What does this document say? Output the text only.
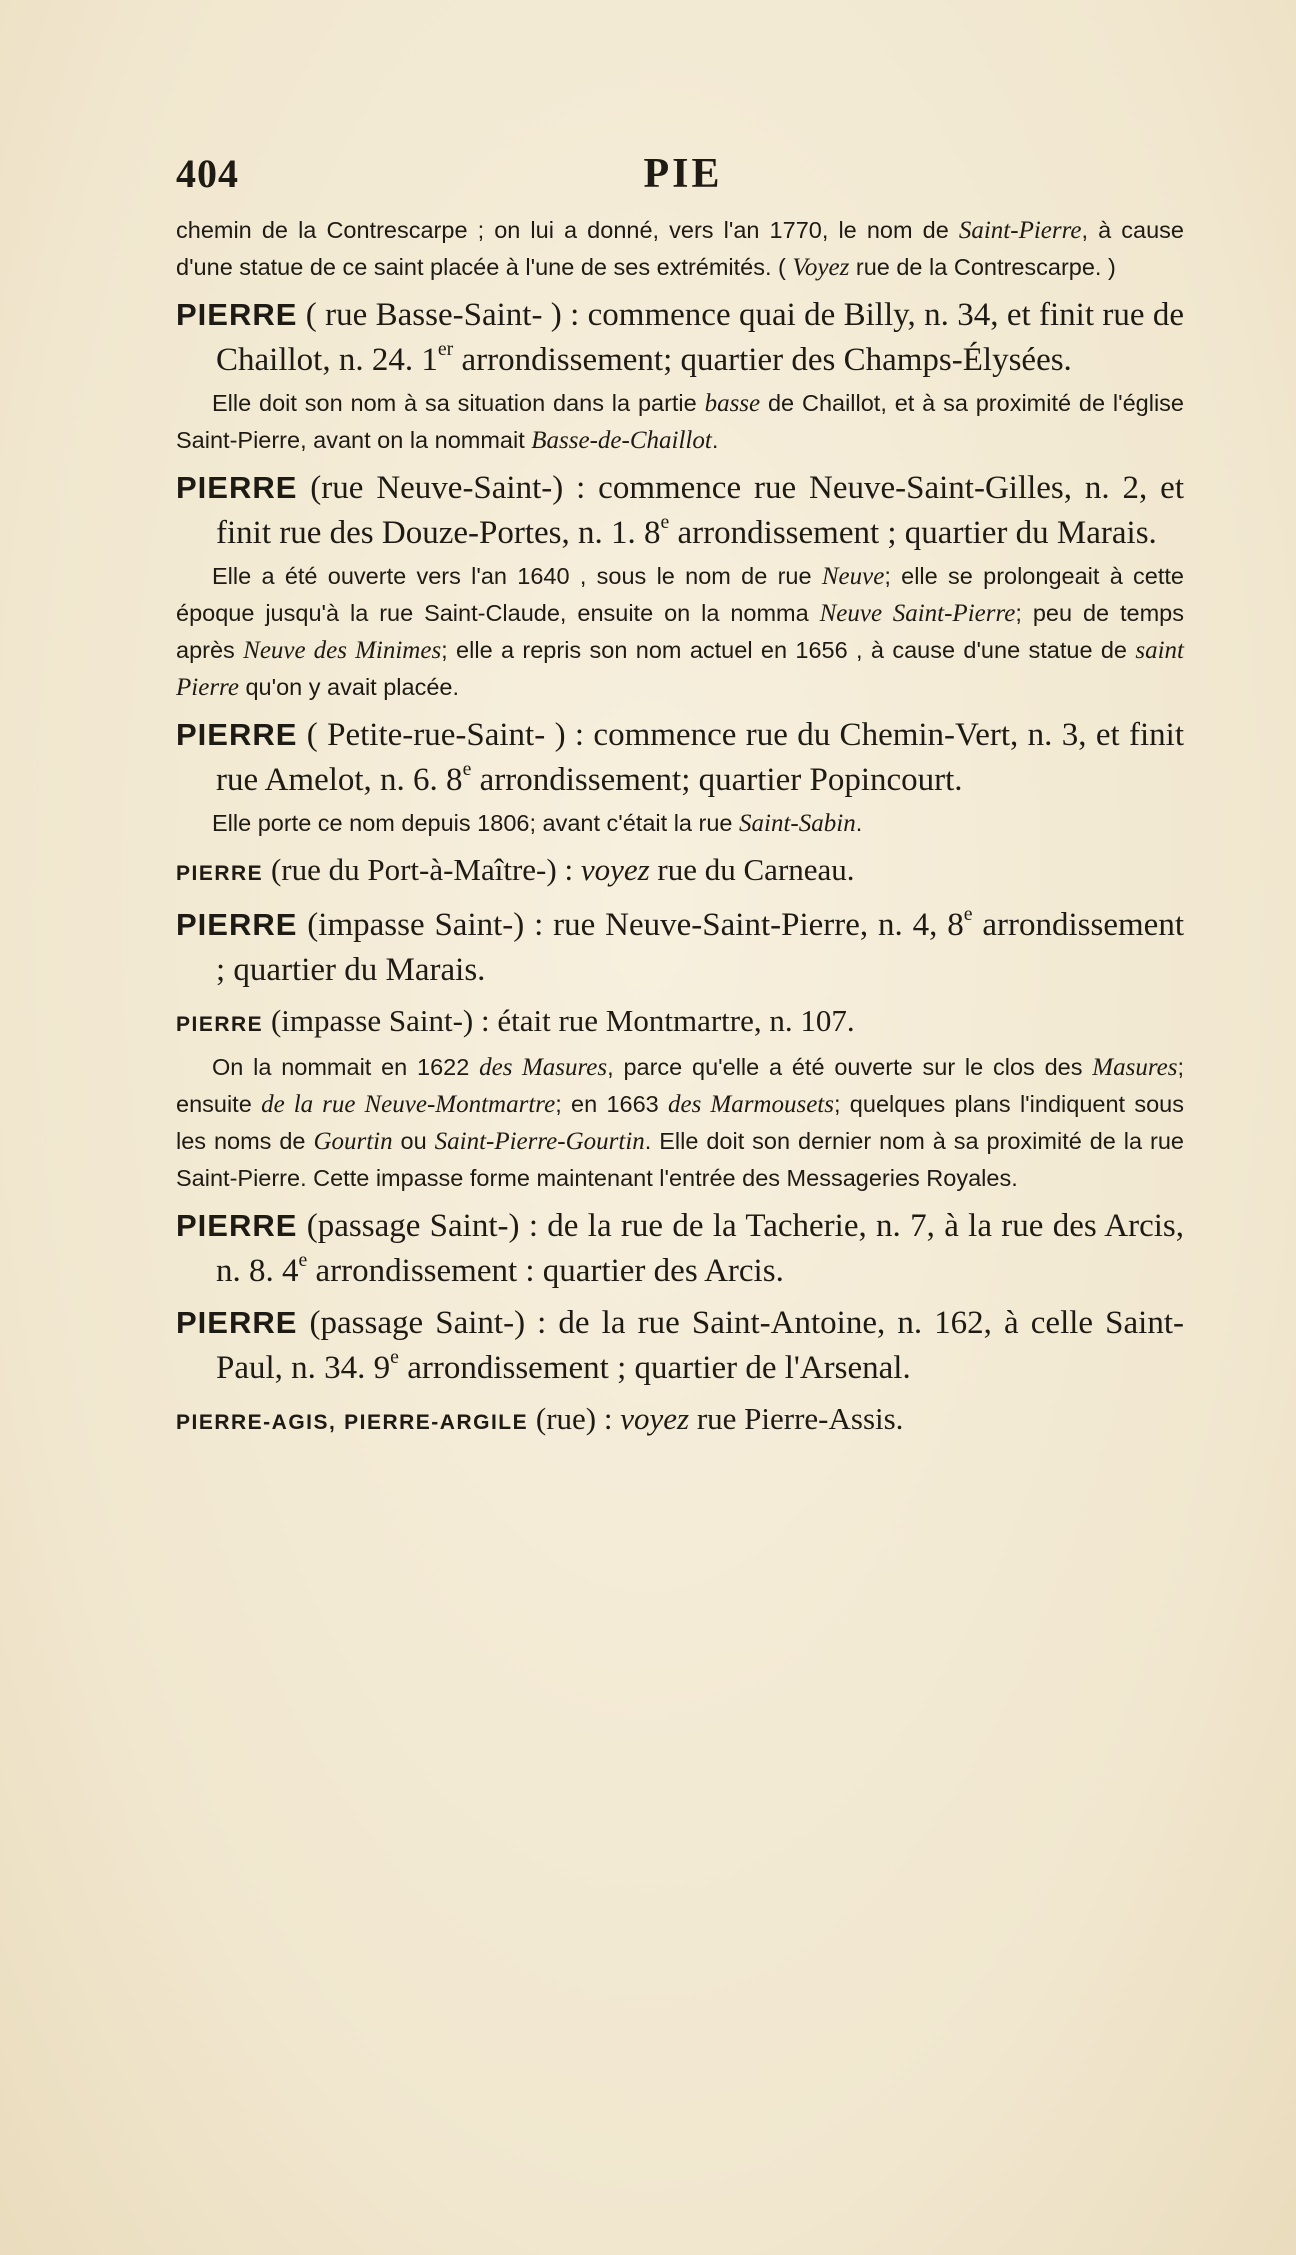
404	PIE

chemin de la Contrescarpe ; on lui a donné, vers l'an 1770, le nom de Saint-Pierre, à cause d'une statue de ce saint placée à l'une de ses extrémités. ( Voyez rue de la Contrescarpe. )

PIERRE ( rue Basse-Saint- ) : commence quai de Billy, n. 34, et finit rue de Chaillot, n. 24. 1er arrondissement; quartier des Champs-Élysées.

Elle doit son nom à sa situation dans la partie basse de Chaillot, et à sa proximité de l'église Saint-Pierre, avant on la nommait Basse-de-Chaillot.

PIERRE (rue Neuve-Saint-) : commence rue Neuve-Saint-Gilles, n. 2, et finit rue des Douze-Portes, n. 1. 8e arrondissement ; quartier du Marais.

Elle a été ouverte vers l'an 1640 , sous le nom de rue Neuve; elle se prolongeait à cette époque jusqu'à la rue Saint-Claude, ensuite on la nomma Neuve Saint-Pierre; peu de temps après Neuve des Minimes; elle a repris son nom actuel en 1656 , à cause d'une statue de saint Pierre qu'on y avait placée.

PIERRE ( Petite-rue-Saint- ) : commence rue du Chemin-Vert, n. 3, et finit rue Amelot, n. 6. 8e arrondissement; quartier Popincourt.

Elle porte ce nom depuis 1806; avant c'était la rue Saint-Sabin.

PIERRE (rue du Port-à-Maître-) : voyez rue du Carneau.

PIERRE (impasse Saint-) : rue Neuve-Saint-Pierre, n. 4, 8e arrondissement ; quartier du Marais.

PIERRE (impasse Saint-) : était rue Montmartre, n. 107.

On la nommait en 1622 des Masures, parce qu'elle a été ouverte sur le clos des Masures; ensuite de la rue Neuve-Montmartre; en 1663 des Marmousets; quelques plans l'indiquent sous les noms de Gourtin ou Saint-Pierre-Gourtin. Elle doit son dernier nom à sa proximité de la rue Saint-Pierre. Cette impasse forme maintenant l'entrée des Messageries Royales.

PIERRE (passage Saint-) : de la rue de la Tacherie, n. 7, à la rue des Arcis, n. 8. 4e arrondissement : quartier des Arcis.

PIERRE (passage Saint-) : de la rue Saint-Antoine, n. 162, à celle Saint-Paul, n. 34. 9e arrondissement ; quartier de l'Arsenal.

PIERRE-AGIS, PIERRE-ARGILE (rue) : voyez rue Pierre-Assis.
